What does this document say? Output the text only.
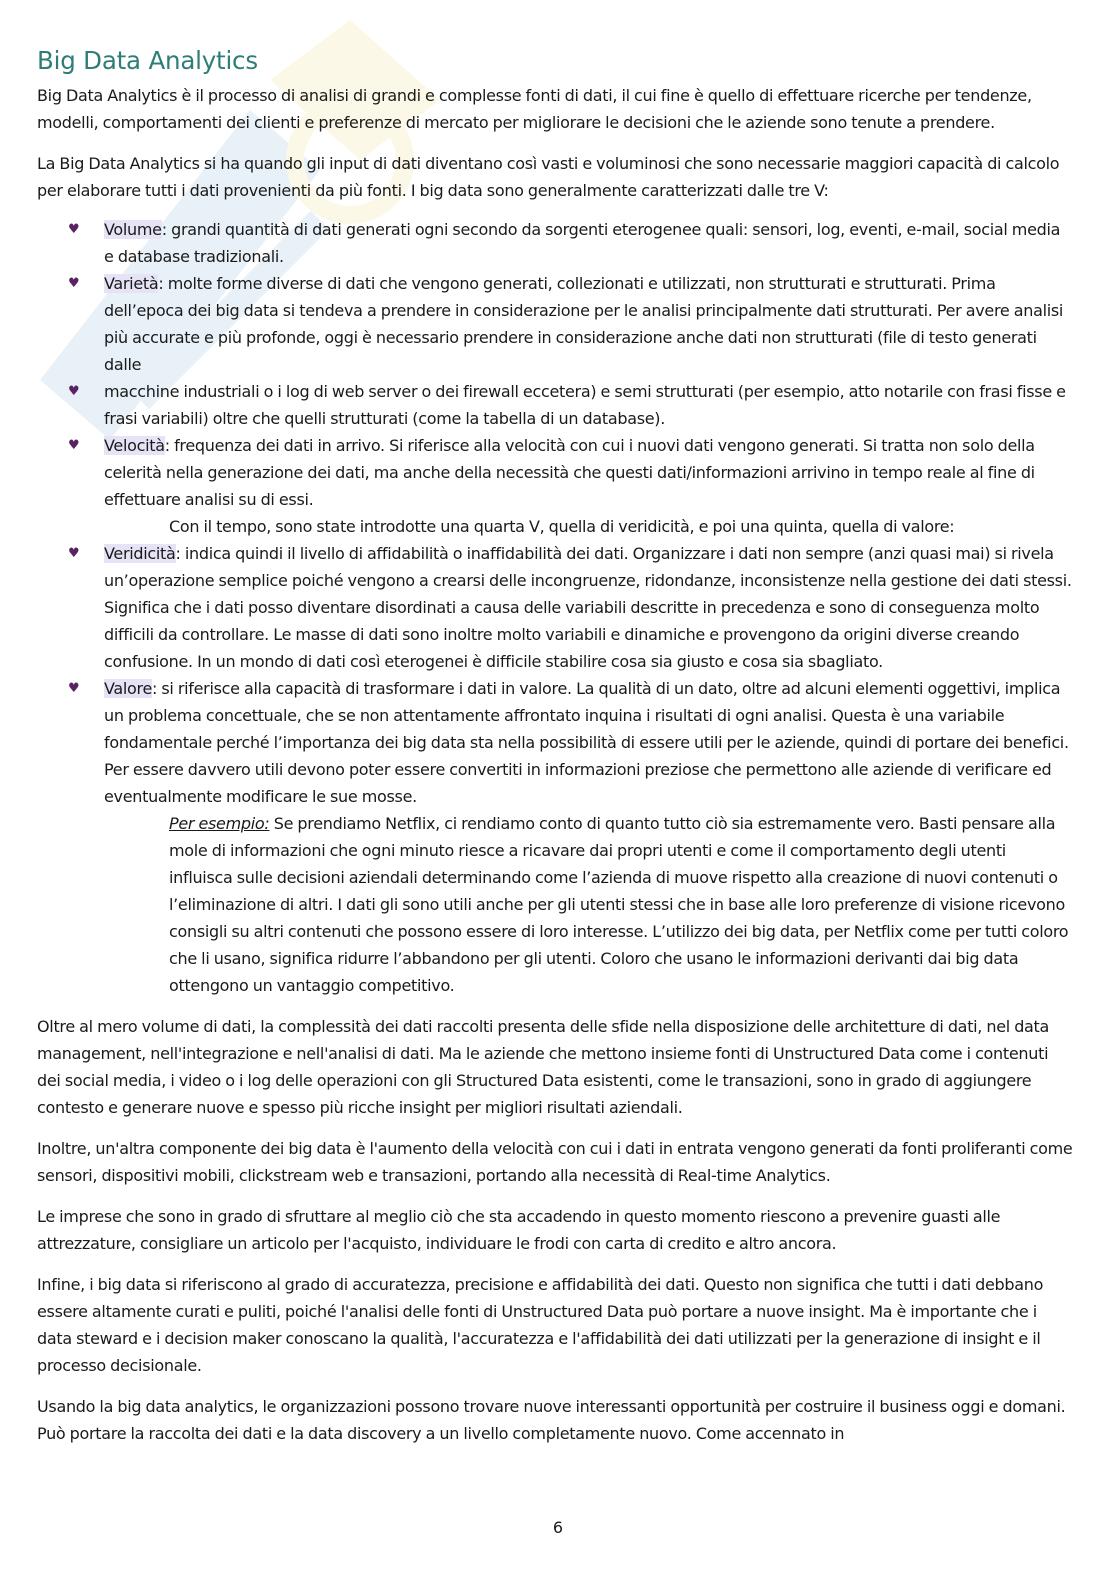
Big Data Analytics

Big Data Analytics è il processo di analisi di grandi e complesse fonti di dati, il cui fine è quello di effettuare ricerche per tendenze, modelli, comportamenti dei clienti e preferenze di mercato per migliorare le decisioni che le aziende sono tenute a prendere.

La Big Data Analytics si ha quando gli input di dati diventano così vasti e voluminosi che sono necessarie maggiori capacità di calcolo per elaborare tutti i dati provenienti da più fonti. I big data sono generalmente caratterizzati dalle tre V:

♥ Volume: grandi quantità di dati generati ogni secondo da sorgenti eterogenee quali: sensori, log, eventi, e-mail, social media e database tradizionali.
♥ Varietà: molte forme diverse di dati che vengono generati, collezionati e utilizzati, non strutturati e strutturati. Prima dell’epoca dei big data si tendeva a prendere in considerazione per le analisi principalmente dati strutturati. Per avere analisi più accurate e più profonde, oggi è necessario prendere in considerazione anche dati non strutturati (file di testo generati dalle
♥ macchine industriali o i log di web server o dei firewall eccetera) e semi strutturati (per esempio, atto notarile con frasi fisse e frasi variabili) oltre che quelli strutturati (come la tabella di un database).
♥ Velocità: frequenza dei dati in arrivo. Si riferisce alla velocità con cui i nuovi dati vengono generati. Si tratta non solo della celerità nella generazione dei dati, ma anche della necessità che questi dati/informazioni arrivino in tempo reale al fine di effettuare analisi su di essi.
Con il tempo, sono state introdotte una quarta V, quella di veridicità, e poi una quinta, quella di valore:
♥ Veridicità: indica quindi il livello di affidabilità o inaffidabilità dei dati. Organizzare i dati non sempre (anzi quasi mai) si rivela un’operazione semplice poiché vengono a crearsi delle incongruenze, ridondanze, inconsistenze nella gestione dei dati stessi. Significa che i dati posso diventare disordinati a causa delle variabili descritte in precedenza e sono di conseguenza molto difficili da controllare. Le masse di dati sono inoltre molto variabili e dinamiche e provengono da origini diverse creando confusione. In un mondo di dati così eterogenei è difficile stabilire cosa sia giusto e cosa sia sbagliato.
♥ Valore: si riferisce alla capacità di trasformare i dati in valore. La qualità di un dato, oltre ad alcuni elementi oggettivi, implica un problema concettuale, che se non attentamente affrontato inquina i risultati di ogni analisi. Questa è una variabile fondamentale perché l’importanza dei big data sta nella possibilità di essere utili per le aziende, quindi di portare dei benefici. Per essere davvero utili devono poter essere convertiti in informazioni preziose che permettono alle aziende di verificare ed eventualmente modificare le sue mosse.
Per esempio: Se prendiamo Netflix, ci rendiamo conto di quanto tutto ciò sia estremamente vero. Basti pensare alla mole di informazioni che ogni minuto riesce a ricavare dai propri utenti e come il comportamento degli utenti influisca sulle decisioni aziendali determinando come l’azienda di muove rispetto alla creazione di nuovi contenuti o l’eliminazione di altri. I dati gli sono utili anche per gli utenti stessi che in base alle loro preferenze di visione ricevono consigli su altri contenuti che possono essere di loro interesse. L’utilizzo dei big data, per Netflix come per tutti coloro che li usano, significa ridurre l’abbandono per gli utenti. Coloro che usano le informazioni derivanti dai big data ottengono un vantaggio competitivo.

Oltre al mero volume di dati, la complessità dei dati raccolti presenta delle sfide nella disposizione delle architetture di dati, nel data management, nell'integrazione e nell'analisi di dati. Ma le aziende che mettono insieme fonti di Unstructured Data come i contenuti dei social media, i video o i log delle operazioni con gli Structured Data esistenti, come le transazioni, sono in grado di aggiungere contesto e generare nuove e spesso più ricche insight per migliori risultati aziendali.

Inoltre, un'altra componente dei big data è l'aumento della velocità con cui i dati in entrata vengono generati da fonti proliferanti come sensori, dispositivi mobili, clickstream web e transazioni, portando alla necessità di Real-time Analytics.

Le imprese che sono in grado di sfruttare al meglio ciò che sta accadendo in questo momento riescono a prevenire guasti alle attrezzature, consigliare un articolo per l'acquisto, individuare le frodi con carta di credito e altro ancora.

Infine, i big data si riferiscono al grado di accuratezza, precisione e affidabilità dei dati. Questo non significa che tutti i dati debbano essere altamente curati e puliti, poiché l'analisi delle fonti di Unstructured Data può portare a nuove insight. Ma è importante che i data steward e i decision maker conoscano la qualità, l'accuratezza e l'affidabilità dei dati utilizzati per la generazione di insight e il processo decisionale.

Usando la big data analytics, le organizzazioni possono trovare nuove interessanti opportunità per costruire il business oggi e domani. Può portare la raccolta dei dati e la data discovery a un livello completamente nuovo. Come accennato in

6
